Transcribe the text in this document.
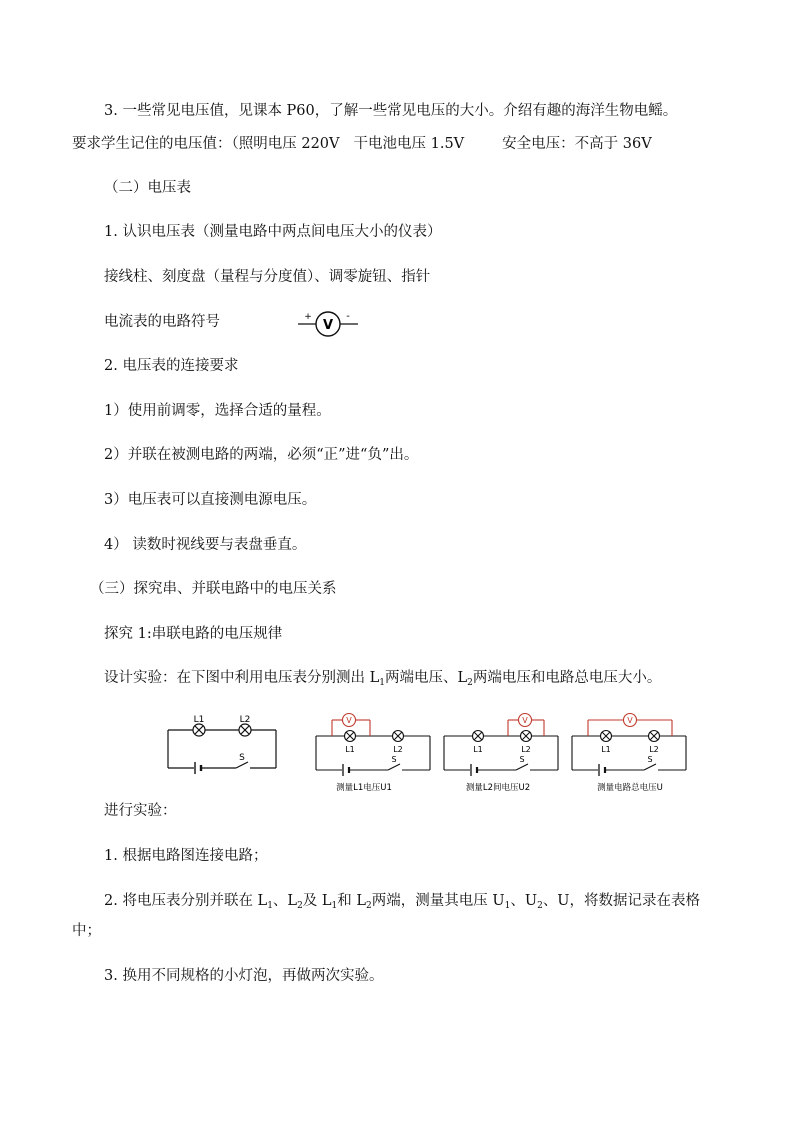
3. 一些常见电压值，见课本 P60，了解一些常见电压的大小。介绍有趣的海洋生物电鳐。
要求学生记住的电压值：（照明电压 220V 干电池电压 1.5V	安全电压：不高于 36V
（二）电压表
1. 认识电压表（测量电路中两点间电压大小的仪表）
接线柱、刻度盘（量程与分度值）、调零旋钮、指针
电流表的电路符号	V
+	-
2. 电压表的连接要求
1）使用前调零，选择合适的量程。
2）并联在被测电路的两端，必须“正”进“负”出。
3）电压表可以直接测电源电压。
4） 读数时视线要与表盘垂直。
（三）探究串、并联电路中的电压关系
探究 1:串联电路的电压规律
设计实验：在下图中利用电压表分别测出 $L_1$两端电压、$L_2$两端电压和电路总电压大小。
L1	L2
S
V
L1	L2
S
测量L1电压U1
V
L1	L2
S
测量L2间电压U2
V
L1	L2
S
测量电路总电压U
进行实验：
1. 根据电路图连接电路；
2. 将电压表分别并联在 $L_1$、$L_2$及 $L_1$和 $L_2$两端，测量其电压 $U_1$、$U_2$、U，将数据记录在表格
中；
3. 换用不同规格的小灯泡，再做两次实验。
